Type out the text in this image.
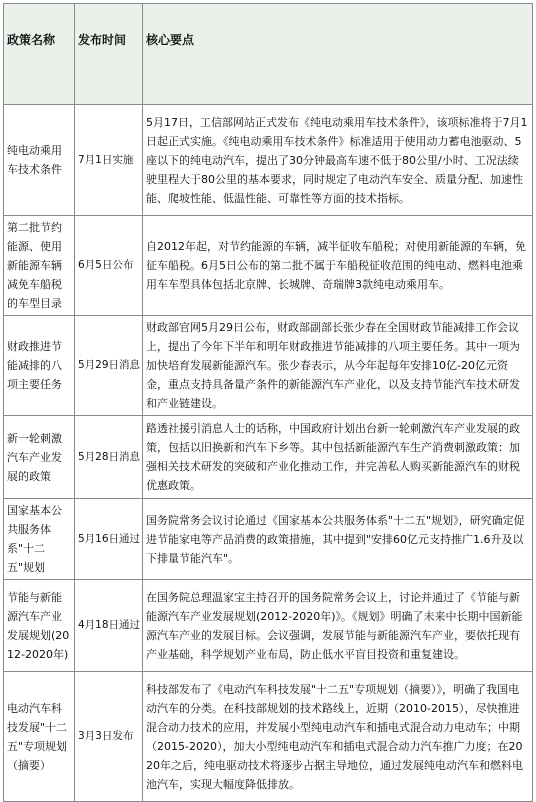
政策名称	发布时间	核心要点
纯电动乘用车技术条件	7月1日实施	5月17日，工信部网站正式发布《纯电动乘用车技术条件》，该项标准将于7月1日起正式实施。《纯电动乘用车技术条件》标准适用于使用动力蓄电池驱动、5座以下的纯电动汽车，提出了30分钟最高车速不低于80公里/小时、工况法续驶里程大于80公里的基本要求，同时规定了电动汽车安全、质量分配、加速性能、爬坡性能、低温性能、可靠性等方面的技术指标。
第二批节约能源、使用新能源车辆减免车船税的车型目录	6月5日公布	自2012年起，对节约能源的车辆，减半征收车船税；对使用新能源的车辆，免征车船税。6月5日公布的第二批不属于车船税征收范围的纯电动、燃料电池乘用车车型具体包括北京牌、长城牌、奇瑞牌3款纯电动乘用车。
财政推进节能减排的八项主要任务	5月29日消息	财政部官网5月29日公布，财政部副部长张少春在全国财政节能减排工作会议上，提出了今年下半年和明年财政推进节能减排的八项主要任务。其中一项为加快培育发展新能源汽车。张少春表示，从今年起每年安排10亿-20亿元资金，重点支持具备量产条件的新能源汽车产业化，以及支持节能汽车技术研发和产业链建设。
新一轮刺激汽车产业发展的政策	5月28日消息	路透社援引消息人士的话称，中国政府计划出台新一轮刺激汽车产业发展的政策，包括以旧换新和汽车下乡等。其中包括新能源汽车生产消费刺激政策：加强相关技术研发的突破和产业化推动工作，并完善私人购买新能源汽车的财税优惠政策。
国家基本公共服务体系"十二五"规划	5月16日通过	国务院常务会议讨论通过《国家基本公共服务体系"十二五"规划》，研究确定促进节能家电等产品消费的政策措施，其中提到"安排60亿元支持推广1.6升及以下排量节能汽车"。
节能与新能源汽车产业发展规划(2012-2020年)	4月18日通过	在国务院总理温家宝主持召开的国务院常务会议上，讨论并通过了《节能与新能源汽车产业发展规划(2012-2020年)》。《规划》明确了未来中长期中国新能源汽车产业的发展目标。会议强调，发展节能与新能源汽车产业，要依托现有产业基础，科学规划产业布局，防止低水平盲目投资和重复建设。
电动汽车科技发展"十二五"专项规划（摘要）	3月3日发布	科技部发布了《电动汽车科技发展"十二五"专项规划（摘要）》，明确了我国电动汽车的分类。在科技部规划的技术路线上，近期（2010-2015），尽快推进混合动力技术的应用，并发展小型纯电动汽车和插电式混合动力电动车；中期（2015-2020），加大小型纯电动汽车和插电式混合动力汽车推广力度；在2020年之后，纯电驱动技术将逐步占据主导地位，通过发展纯电动汽车和燃料电池汽车，实现大幅度降低排放。
